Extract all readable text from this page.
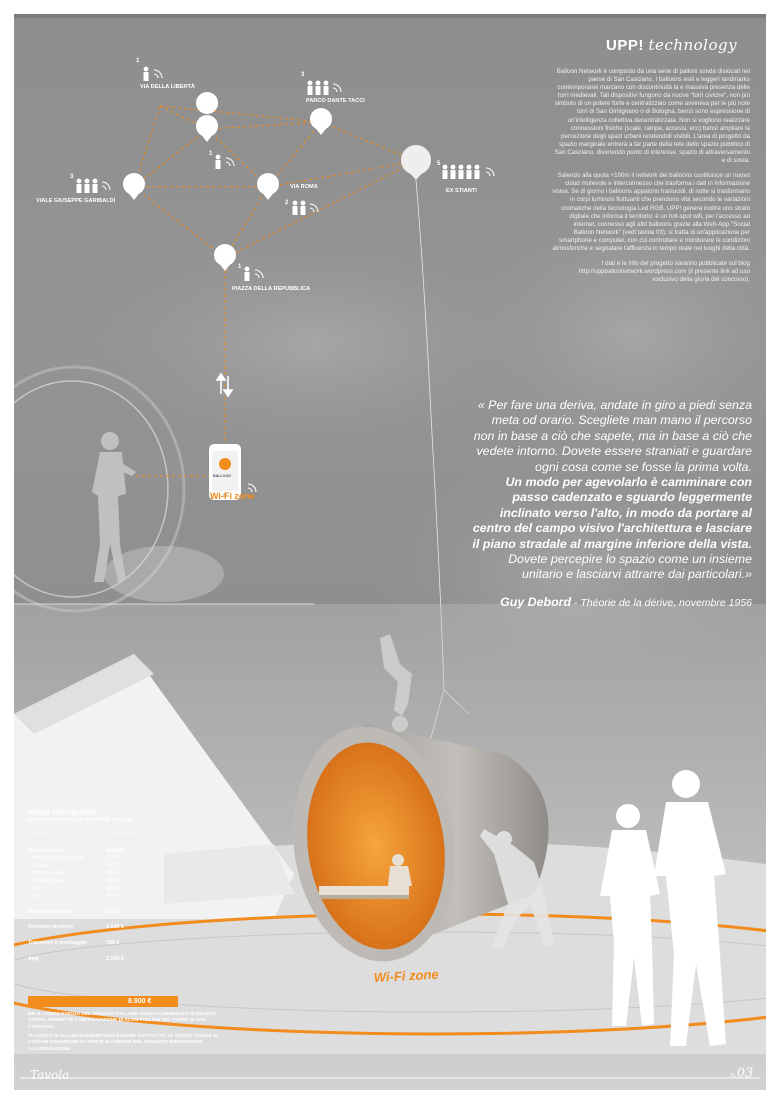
Wi-Fi zone
UPP! technology

Balloon Network è composto da una serie di palloni sonda dislocati nel paese di San Casciano. I balloons esili e leggeri landmarks contemporanei marcano con discontinuità la e massiva presenza delle torri medievali. Tali dispositivi fungono da nuove "torri civiche", non più simbolo di un potere forte e centralizzato come avveniva per le più note torri di San Gimignano o di Bologna, bensì sono espressione di un'intelligenza collettiva decentralizzata. Non si vogliono realizzare connessioni fisiche (scale, rampe, accessi, ecc) bensì ampliare la percezione degli spazi urbani rendendoli visibili. L'area di progetto da spazio marginale entrerà a far parte della rete dello spazio pubblico di San Casciano, divenendo punto di interesse, spazio di attraversamento e di sosta.

Salendo alla quota +100m il network dei balloons costituisce un nuovo cloud mutevole e interconnesso che trasforma i dati in informazione visiva. Se di giorno i balloons appaiono traslucidi, di notte si trasformano in corpi luminosi fluttuanti che prendono vita secondo le variazioni cromatiche della tecnologia Led RGB. UPP! genera inoltre uno strato digitale che informa il territorio: è un hot-spot wifi, per l'accesso ad internet, connesso agli altri balloons grazie alla Web-App "Social Balloon Network" (vedi tavola 03); si tratta di un'applicazione per smartphone e computer, con cui controllare e monitorare le condizioni atmosferiche e segnalare l'affluenza in tempo reale nei luoghi della città.

I dati e le info del progetto saranno pubblicate sul blog http://uppballoonetwork.wordpress.com (il presente link ad uso esclusivo della giuria del concorso).

VIA DELLA LIBERTÀ
1
PARCO DANTE TACCI
3
VIALE GIUSEPPE GARIBALDI
3
VIA ROMA
2
EX STIANTI
5
PIAZZA DELLA REPUBBLICA
1
1
BALLOON
Wi-Fi zone

« Per fare una deriva, andate in giro a piedi senza meta od orario. Scegliete man mano il percorso non in base a ciò che sapete, ma in base a ciò che vedete intorno. Dovete essere straniati e guardare ogni cosa come se fosse la prima volta.

Un modo per agevolarlo è camminare con passo cadenzato e sguardo leggermente inclinato verso l'alto, in modo da portare al centro del campo visivo l'architettura e lasciare il piano stradale al margine inferiore della vista.

Dovete percepire lo spazio come un insieme unitario e lasciarvi attrarre dai particolari.»

Guy Debord - Théorie de la dérive, novembre 1956

STIMA PREVENTIVA
(materiali e messa in opera IVA inclusa)
Elemento	costo (+IVA)
Pallone Sonda	2.000 €
- sistema di ancoraggio	200 €
- Sensori	150 €
- Antenna radio	50 €
- Antenna Wi-Fi	100 €
- Cavi	400 €
- Elio	200 €
Tubo in cemento	600 € *
Impianto elettrico	1.000 €
Trasporto e montaggio	700 €
App	3.500 €
8.900 €
NB. IL COSTO ESIGUO DEL SINGOLO PALLONE SONDA CORREDATO DI QUANTO SOPRA, PERMETTE L'INSTALLAZIONE DI ALTRI PALLONI NEL PAESE DI SAN CASCIANO.
*IL COSTO DI ALCUNI ELEMENTI PUÒ ESSERE SOTTRATTO AL COSTO TOTALE IN CASO DI DONAZIONE DA PARTE DI AZIENDE DEL CEMENTO INTERESSATE ALL'OPERAZIONE.
Tavola	n.03
